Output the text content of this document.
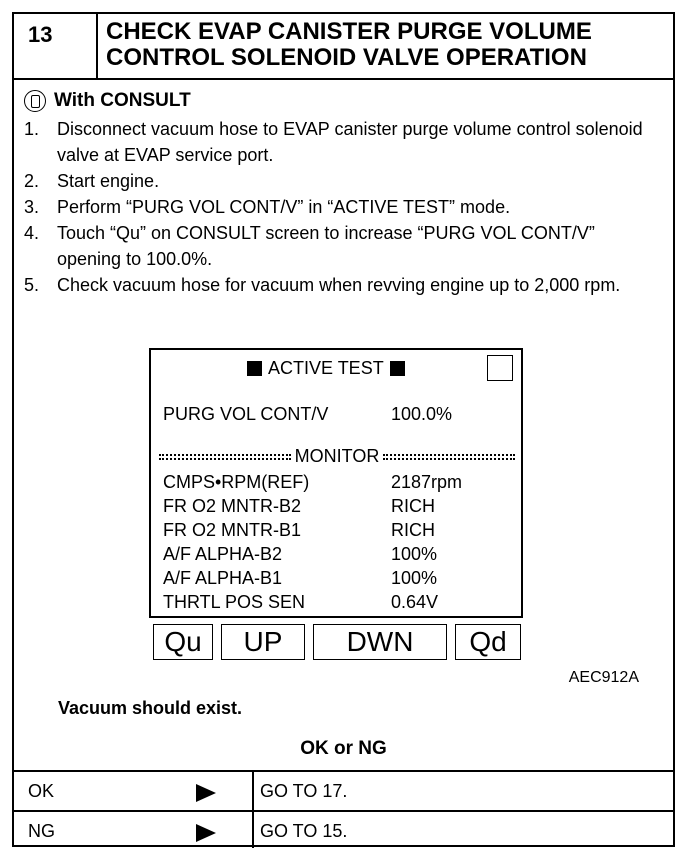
13	CHECK EVAP CANISTER PURGE VOLUME
CONTROL SOLENOID VALVE OPERATION
With CONSULT
1. Disconnect vacuum hose to EVAP canister purge volume control solenoid valve at EVAP service port.
2. Start engine.
3. Perform “PURG VOL CONT/V” in “ACTIVE TEST” mode.
4. Touch “Qu” on CONSULT screen to increase “PURG VOL CONT/V” opening to 100.0%.
5. Check vacuum hose for vacuum when revving engine up to 2,000 rpm.
ACTIVE TEST
PURG VOL CONT/V	100.0%
MONITOR
CMPS•RPM(REF)	2187rpm
FR O2 MNTR-B2	RICH
FR O2 MNTR-B1	RICH
A/F ALPHA-B2	100%
A/F ALPHA-B1	100%
THRTL POS SEN	0.64V
Qu	UP	DWN	Qd
AEC912A
Vacuum should exist.
OK or NG
OK	GO TO 17.
NG	GO TO 15.
